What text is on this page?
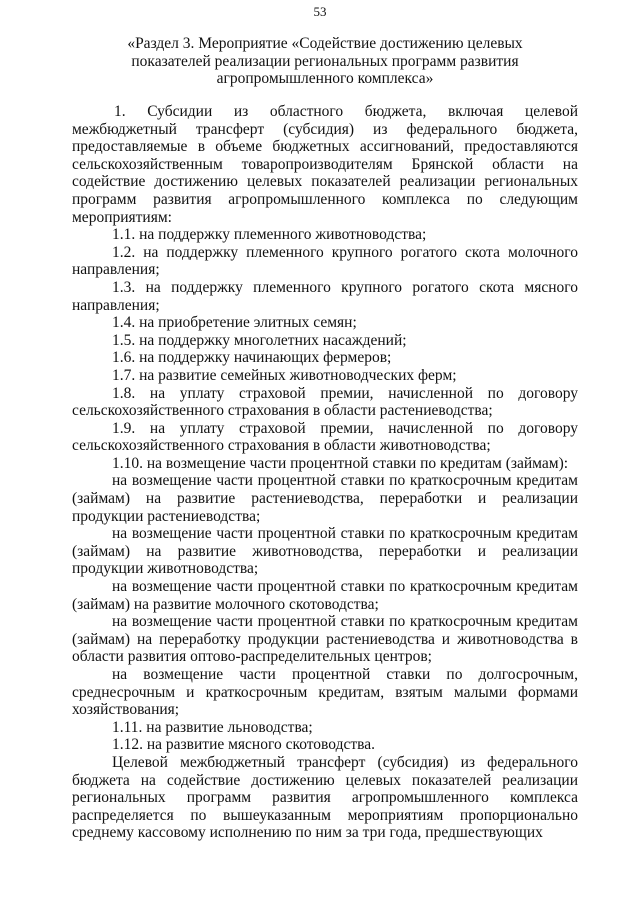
53
«Раздел 3. Мероприятие «Содействие достижению целевых показателей реализации региональных программ развития агропромышленного комплекса»

1. Субсидии из областного бюджета, включая целевой межбюджетный трансферт (субсидия) из федерального бюджета, предоставляемые в объеме бюджетных ассигнований, предоставляются сельскохозяйственным товаропроизводителям Брянской области на содействие достижению целевых показателей реализации региональных программ развития агропромышленного комплекса по следующим мероприятиям:

1.1. на поддержку племенного животноводства;

1.2. на поддержку племенного крупного рогатого скота молочного направления;

1.3. на поддержку племенного крупного рогатого скота мясного направления;

1.4. на приобретение элитных семян;

1.5. на поддержку многолетних насаждений;

1.6. на поддержку начинающих фермеров;

1.7. на развитие семейных животноводческих ферм;

1.8. на уплату страховой премии, начисленной по договору сельскохозяйственного страхования в области растениеводства;

1.9. на уплату страховой премии, начисленной по договору сельскохозяйственного страхования в области животноводства;

1.10. на возмещение части процентной ставки по кредитам (займам):

на возмещение части процентной ставки по краткосрочным кредитам (займам) на развитие растениеводства, переработки и реализации продукции растениеводства;

на возмещение части процентной ставки по краткосрочным кредитам (займам) на развитие животноводства, переработки и реализации продукции животноводства;

на возмещение части процентной ставки по краткосрочным кредитам (займам) на развитие молочного скотоводства;

на возмещение части процентной ставки по краткосрочным кредитам (займам) на переработку продукции растениеводства и животноводства в области развития оптово-распределительных центров;

на возмещение части процентной ставки по долгосрочным, среднесрочным и краткосрочным кредитам, взятым малыми формами хозяйствования;

1.11. на развитие льноводства;

1.12. на развитие мясного скотоводства.

Целевой межбюджетный трансферт (субсидия) из федерального бюджета на содействие достижению целевых показателей реализации региональных программ развития агропромышленного комплекса распределяется по вышеуказанным мероприятиям пропорционально среднему кассовому исполнению по ним за три года, предшествующих
